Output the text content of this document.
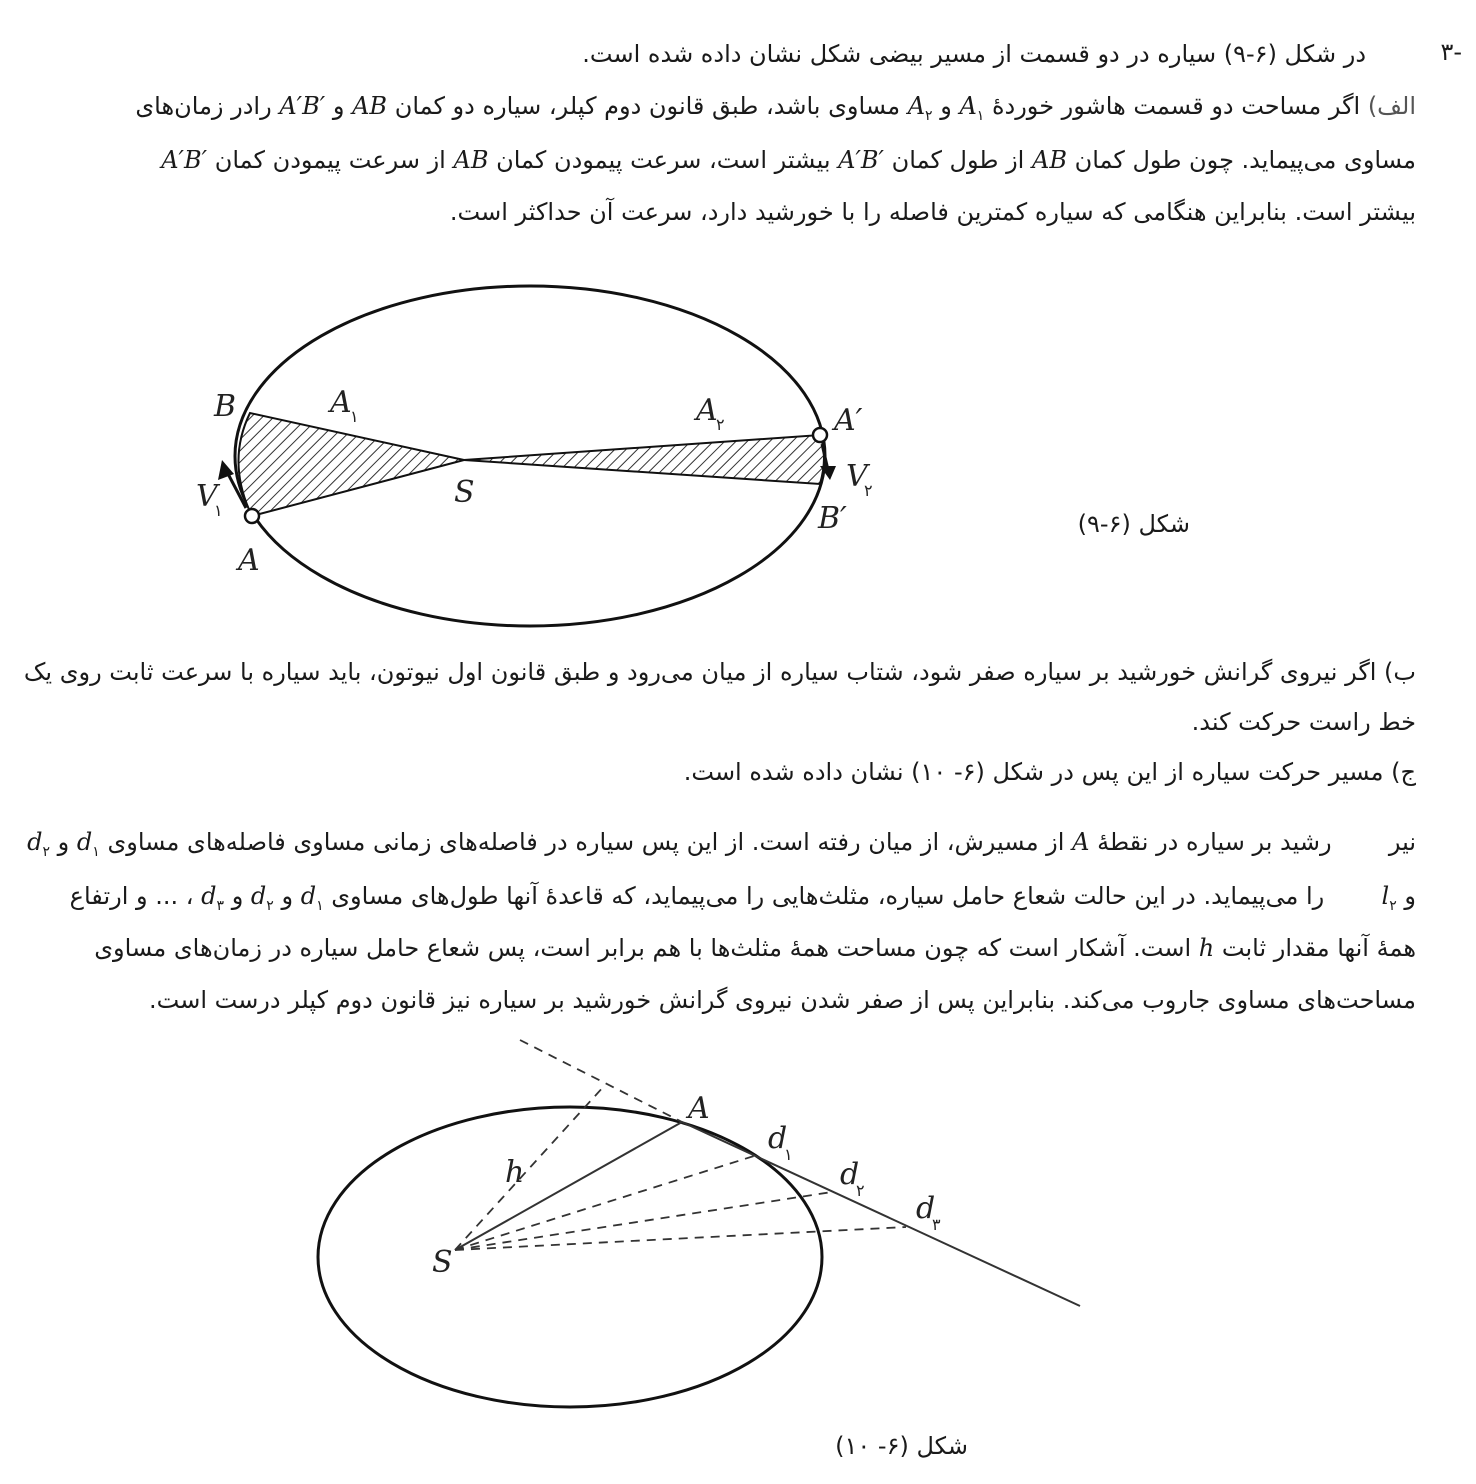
-۳
در شکل (۶-۹) سیاره در دو قسمت از مسیر بیضی شکل نشان داده شده است.
الف) اگر مساحت دو قسمت هاشور خوردهٔ $A_۱$ و $A_۲$ مساوی باشد، طبق قانون دوم کپلر، سیاره دو کمان AB و A′B′ رادر زمان‌های
مساوی می‌پیماید. چون طول کمان AB از طول کمان A′B′ بیشتر است، سرعت پیمودن کمان AB از سرعت پیمودن کمان A′B′
بیشتر است. بنابراین هنگامی که سیاره کمترین فاصله را با خورشید دارد، سرعت آن حداکثر است.
B
A
S
A′
B′
A
۱	A
۲
V
۱
V
۲
A
S
h
d
۱
d
۲
d
۳
شکل (۶-۹)
ب) اگر نیروی گرانش خورشید بر سیاره صفر شود، شتاب سیاره از میان می‌رود و طبق قانون اول نیوتون، باید سیاره با سرعت ثابت روی یک
خط راست حرکت کند.
ج) مسیر حرکت سیاره از این پس در شکل (۶- ۱۰) نشان داده شده است.
نیر  ‌رشید بر سیاره در نقطهٔ A از مسیرش، از میان رفته است. از این پس سیاره در فاصله‌های زمانی مساوی فاصله‌های مساوی $d_۱$ و $d_۲$
و $l_۲$  را می‌پیماید. در این حالت شعاع حامل سیاره، مثلث‌هایی را می‌پیماید، که قاعدهٔ آنها طول‌های مساوی $d_۱$ و $d_۲$ و $d_۳$ ، ... و ارتفاع
همهٔ آنها مقدار ثابت h است. آشکار است که چون مساحت همهٔ مثلث‌ها با هم برابر است، پس شعاع حامل سیاره در زمان‌های مساوی
مساحت‌های مساوی جاروب می‌کند. بنابراین پس از صفر شدن نیروی گرانش خورشید بر سیاره نیز قانون دوم کپلر درست است.
شکل (۶- ۱۰)
